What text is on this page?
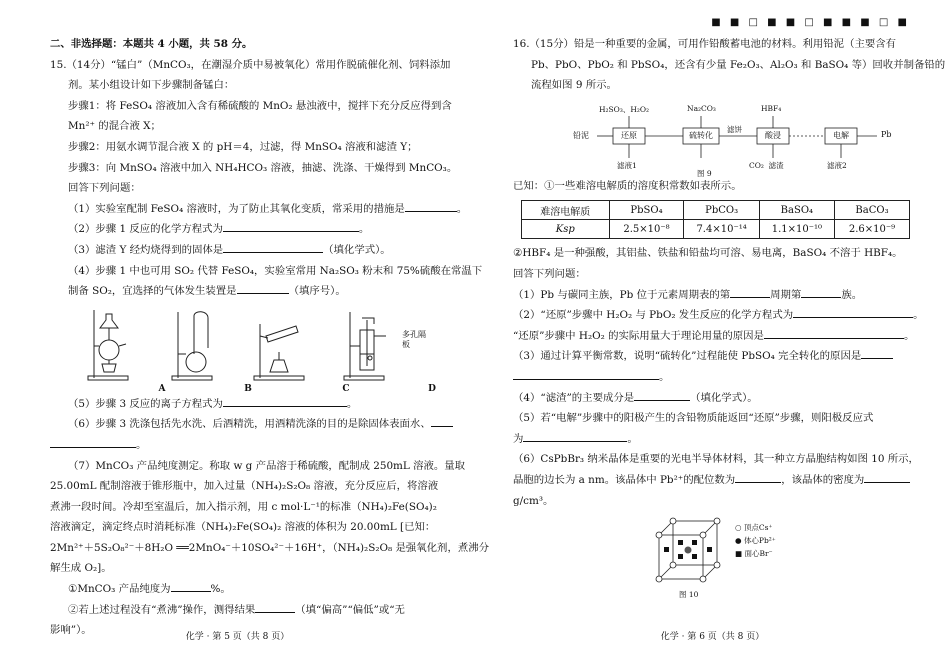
二、非选择题：本题共 4 小题，共 58 分。

15.（14分）“锰白”（MnCO₃，在潮湿介质中易被氧化）常用作脱硫催化剂、饲料添加

剂。某小组设计如下步骤制备锰白：

步骤1：将 FeSO₄ 溶液加入含有稀硫酸的 MnO₂ 悬浊液中，搅拌下充分反应得到含

Mn²⁺ 的混合液 X；

步骤2：用氨水调节混合液 X 的 pH＝4，过滤，得 MnSO₄ 溶液和滤渣 Y；

步骤3：向 MnSO₄ 溶液中加入 NH₄HCO₃ 溶液，抽滤、洗涤、干燥得到 MnCO₃。

回答下列问题：

（1）实验室配制 FeSO₄ 溶液时，为了防止其氧化变质，常采用的措施是	。

（2）步骤 1 反应的化学方程式为	。

（3）滤渣 Y 经灼烧得到的固体是	（填化学式）。

（4）步骤 1 中也可用 SO₂ 代替 FeSO₄，实验室常用 Na₂SO₃ 粉末和 75%硫酸在常温下

制备 SO₂，宜选择的气体发生装置是	（填序号）。

A	B	C
多孔隔板
D

（5）步骤 3 反应的离子方程式为	。

（6）步骤 3 洗涤包括先水洗、后酒精洗，用酒精洗涤的目的是除固体表面水、

。

（7）MnCO₃ 产品纯度测定。称取 w g 产品溶于稀硫酸，配制成 250mL 溶液。量取

25.00mL 配制溶液于锥形瓶中，加入过量（NH₄)₂S₂O₈ 溶液，充分反应后，将溶液

煮沸一段时间。冷却至室温后，加入指示剂，用 c mol·L⁻¹的标准（NH₄)₂Fe(SO₄)₂

溶液滴定，滴定终点时消耗标准（NH₄)₂Fe(SO₄)₂ 溶液的体积为 20.00mL [已知：

2Mn²⁺＋5S₂O₈²⁻＋8H₂O ══2MnO₄⁻＋10SO₄²⁻＋16H⁺，（NH₄)₂S₂O₈ 是强氧化剂，煮沸分

解生成 O₂]。

①MnCO₃ 产品纯度为	%。

②若上述过程没有“煮沸”操作，测得结果	（填“偏高”“偏低”或“无

影响”）。

化学 · 第 5 页（共 8 页）
■ ■ □ ■ ■ □ ■ ■ ■ □ ■

16.（15分）铅是一种重要的金属，可用作铅酸蓄电池的材料。利用铅泥（主要含有

Pb、PbO、PbO₂ 和 PbSO₄，还含有少量 Fe₂O₃、Al₂O₃ 和 BaSO₄ 等）回收并制备铅的

流程如图 9 所示。

H₂SO₃、H₂O₂	Na₂CO₃	HBF₄
铅泥	还原	硫转化	酸浸	电解
滤饼
Pb
滤液1	CO₂  滤渣	滤液2
图 9

已知：①一些难溶电解质的溶度积常数如表所示。

难溶电解质	PbSO₄	PbCO₃	BaSO₄	BaCO₃
Ksp	2.5×10⁻⁸	7.4×10⁻¹⁴	1.1×10⁻¹⁰	2.6×10⁻⁹

②HBF₄ 是一种强酸，其铝盐、铁盐和铅盐均可溶、易电离，BaSO₄ 不溶于 HBF₄。

回答下列问题：

（1）Pb 与碳同主族，Pb 位于元素周期表的第	周期第	族。

（2）“还原”步骤中 H₂O₂ 与 PbO₂ 发生反应的化学方程式为	。

“还原”步骤中 H₂O₂ 的实际用量大于理论用量的原因是	。

（3）通过计算平衡常数，说明“硫转化”过程能使 PbSO₄ 完全转化的原因是

。

（4）“滤渣”的主要成分是	（填化学式）。

（5）若“电解”步骤中的阳极产生的含铅物质能返回“还原”步骤，则阳极反应式

为	。

（6）CsPbBr₃ 纳米晶体是重要的光电半导体材料，其一种立方晶胞结构如图 10 所示，

晶胞的边长为 a nm。该晶体中 Pb²⁺的配位数为	，该晶体的密度为

g/cm³。

○ 顶点Cs⁺
● 体心Pb²⁺
■ 面心Br⁻
图 10
化学 · 第 6 页（共 8 页）
